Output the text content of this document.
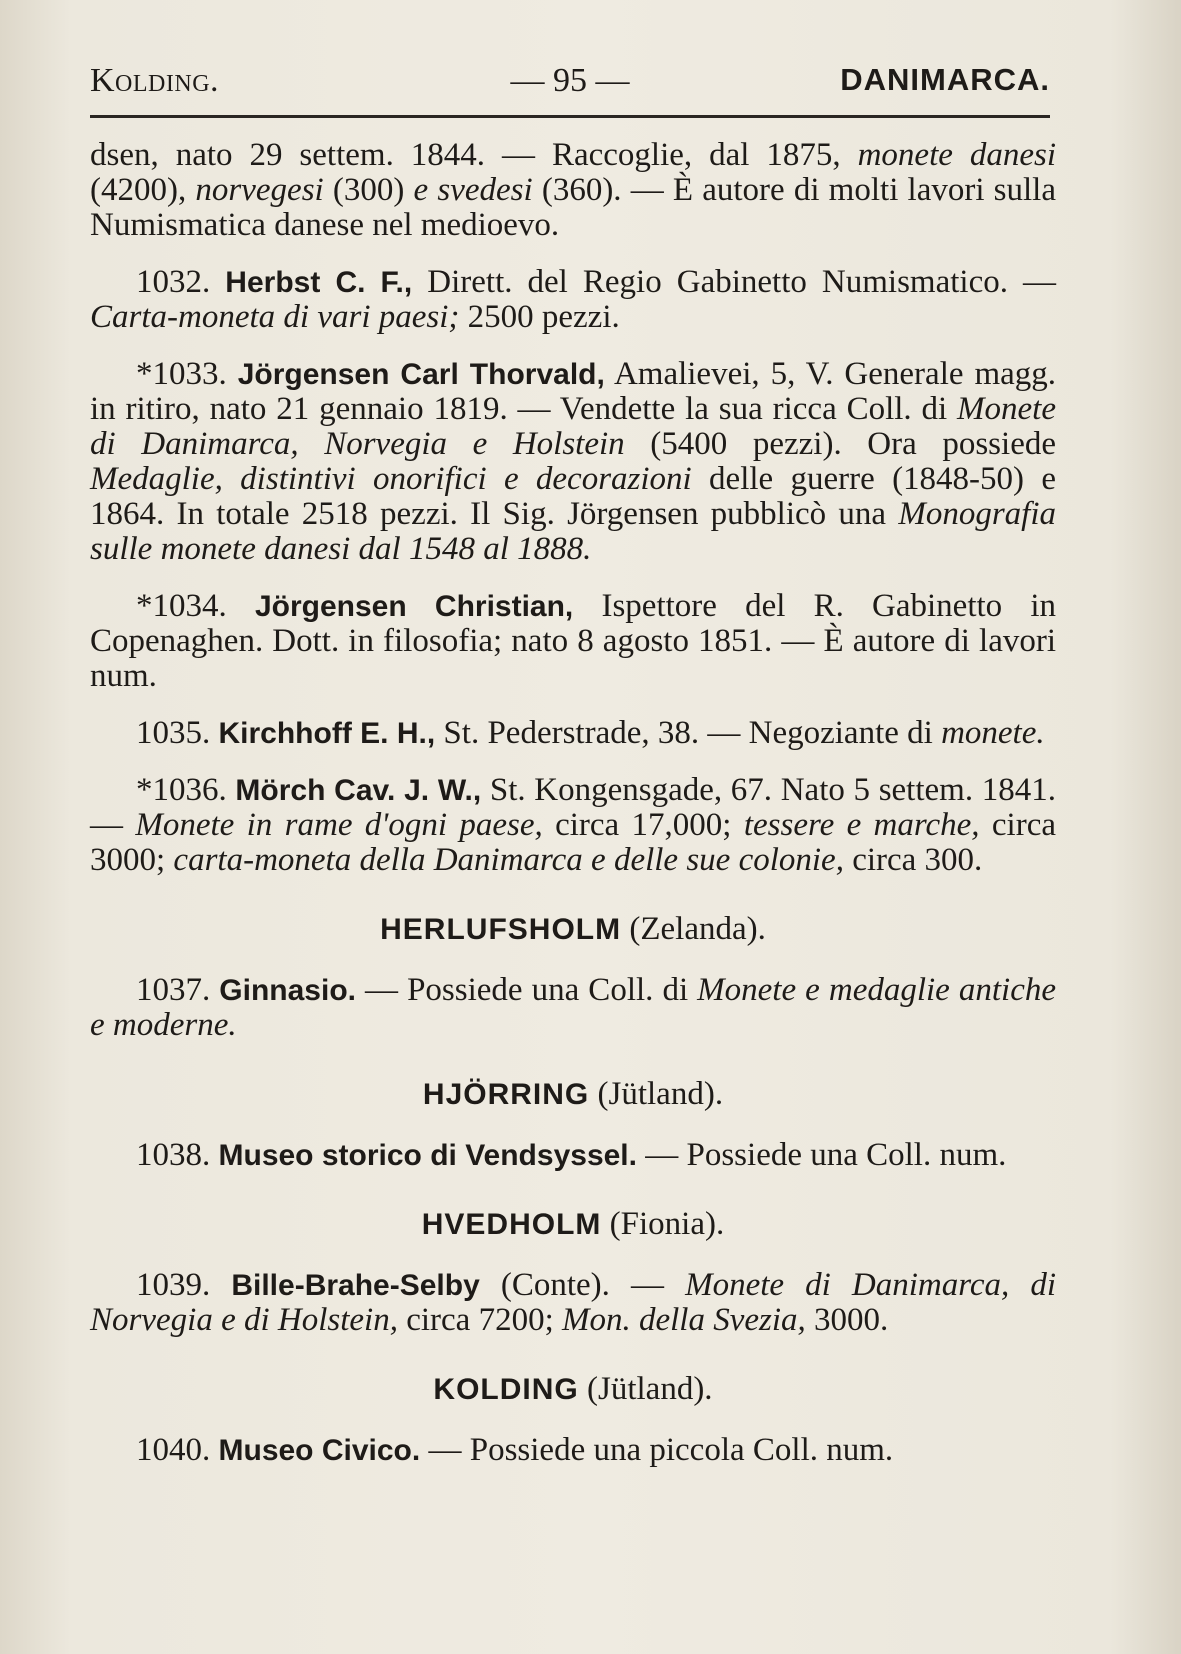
Kolding.	— 95 —	DANIMARCA.

dsen, nato 29 settem. 1844. — Raccoglie, dal 1875, monete danesi (4200), norvegesi (300) e svedesi (360). — È autore di molti lavori sulla Numismatica danese nel medioevo.

1032. Herbst C. F., Dirett. del Regio Gabinetto Numismatico. — Carta-moneta di vari paesi; 2500 pezzi.

*1033. Jörgensen Carl Thorvald, Amalievei, 5, V. Generale magg. in ritiro, nato 21 gennaio 1819. — Vendette la sua ricca Coll. di Monete di Danimarca, Norvegia e Holstein (5400 pezzi). Ora possiede Medaglie, distintivi onorifici e decorazioni delle guerre (1848-50) e 1864. In totale 2518 pezzi. Il Sig. Jörgensen pubblicò una Monografia sulle monete danesi dal 1548 al 1888.

*1034. Jörgensen Christian, Ispettore del R. Gabinetto in Copenaghen. Dott. in filosofia; nato 8 agosto 1851. — È autore di lavori num.

1035. Kirchhoff E. H., St. Pederstrade, 38. — Negoziante di monete.

*1036. Mörch Cav. J. W., St. Kongensgade, 67. Nato 5 settem. 1841. — Monete in rame d'ogni paese, circa 17,000; tessere e marche, circa 3000; carta-moneta della Danimarca e delle sue colonie, circa 300.

HERLUFSHOLM (Zelanda).

1037. Ginnasio. — Possiede una Coll. di Monete e medaglie antiche e moderne.

HJÖRRING (Jütland).

1038. Museo storico di Vendsyssel. — Possiede una Coll. num.

HVEDHOLM (Fionia).

1039. Bille-Brahe-Selby (Conte). — Monete di Danimarca, di Norvegia e di Holstein, circa 7200; Mon. della Svezia, 3000.

KOLDING (Jütland).

1040. Museo Civico. — Possiede una piccola Coll. num.
